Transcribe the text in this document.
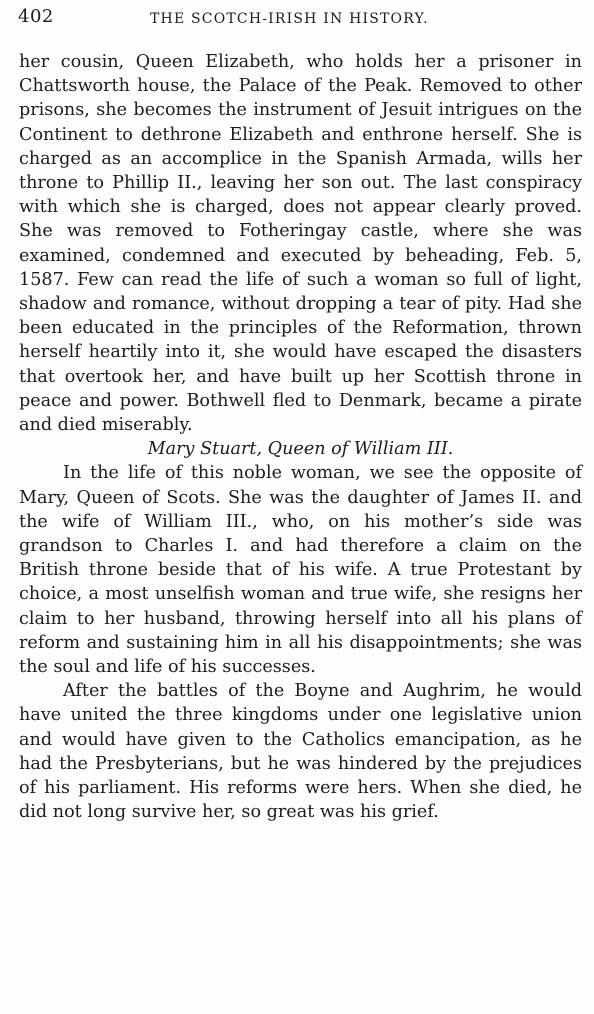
402	THE SCOTCH-IRISH IN HISTORY.

her cousin, Queen Elizabeth, who holds her a prisoner in Chattsworth house, the Palace of the Peak. Removed to other prisons, she becomes the instrument of Jesuit intrigues on the Continent to dethrone Elizabeth and enthrone herself. She is charged as an accomplice in the Spanish Armada, wills her throne to Phillip II., leaving her son out. The last conspiracy with which she is charged, does not appear clearly proved. She was removed to Fotheringay castle, where she was examined, condemned and executed by beheading, Feb. 5, 1587. Few can read the life of such a woman so full of light, shadow and romance, without dropping a tear of pity. Had she been educated in the principles of the Reformation, thrown herself heartily into it, she would have escaped the disasters that overtook her, and have built up her Scottish throne in peace and power. Bothwell fled to Denmark, became a pirate and died miserably.

Mary Stuart, Queen of William III.

In the life of this noble woman, we see the opposite of Mary, Queen of Scots. She was the daughter of James II. and the wife of William III., who, on his mother’s side was grandson to Charles I. and had therefore a claim on the British throne beside that of his wife. A true Protestant by choice, a most unselfish woman and true wife, she resigns her claim to her husband, throwing herself into all his plans of reform and sustaining him in all his disappointments; she was the soul and life of his successes.

After the battles of the Boyne and Aughrim, he would have united the three kingdoms under one legislative union and would have given to the Catholics emancipation, as he had the Presbyterians, but he was hindered by the prejudices of his parliament. His reforms were hers. When she died, he did not long survive her, so great was his grief.
